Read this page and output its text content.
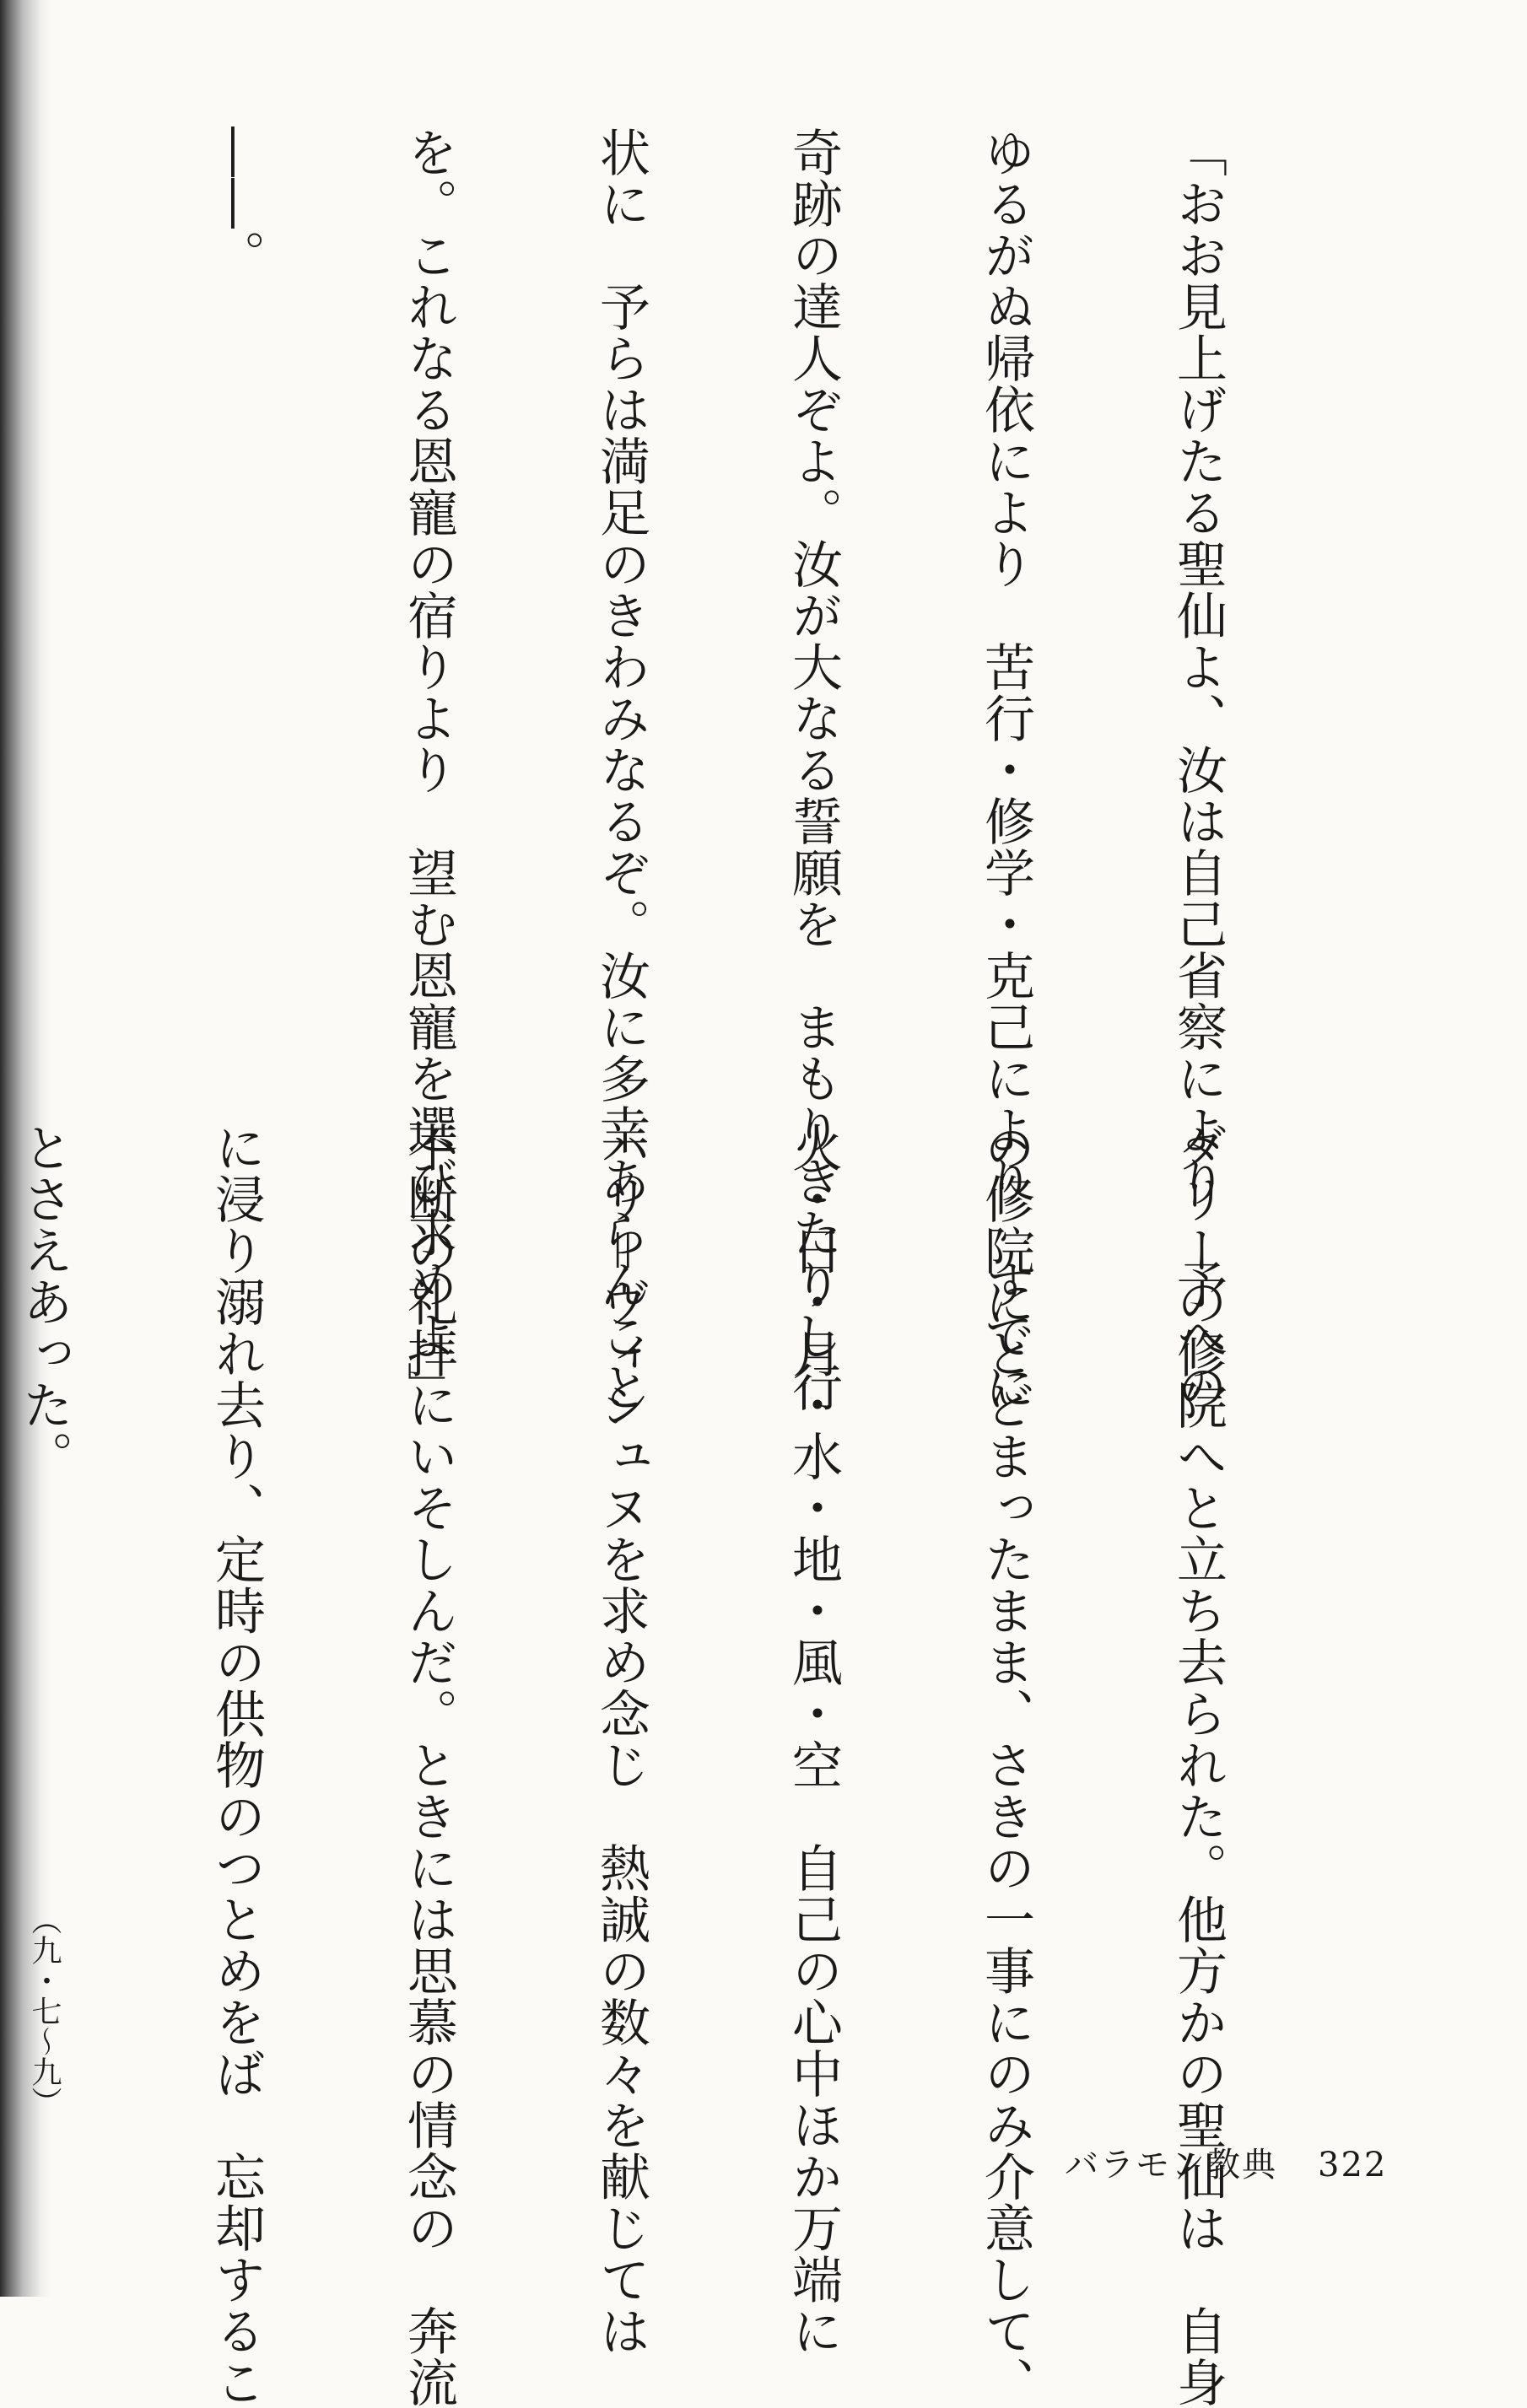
「おお見上げたる聖仙よ、汝は自己省察により　予への

ゆるがぬ帰依により　苦行・修学・克己により　すでに

奇跡の達人ぞよ。汝が大なる誓願を　まもりきたりし行

状に　予らは満足のきわみなるぞ。汝に多幸あらんこと

を。これなる恩寵の宿りより　望む恩寵を選び求めよ」

――。

ダリーの修院へと立ち去られた。他方かの聖仙は　自身

の修院にとどまったまま、さきの一事にのみ介意して、

火・日・月・水・地・風・空　自己の心中ほか万端に

ハリ＝ヴィシュヌを求め念じ　熱誠の数々を献じては

不断の礼拝にいそしんだ。ときには思慕の情念の　奔流

に浸り溺れ去り、定時の供物のつとめをば　忘却するこ

とさえあった。　　　　　　　　　（九・七～九）

バラモン教典 322
